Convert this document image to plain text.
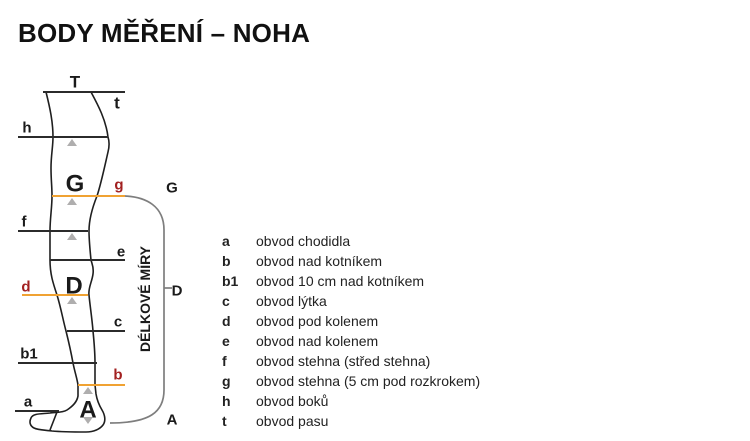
BODY MĚŘENÍ – NOHA
T
t
h
G g
f
e
d D
c
b1
b
a A
G
D
A
DÉLKOVÉ MÍRY
a	obvod chodidla
b	obvod nad kotníkem
b1	obvod 10 cm nad kotníkem
c	obvod lýtka
d	obvod pod kolenem
e	obvod nad kolenem
f	obvod stehna (střed stehna)
g	obvod stehna (5 cm pod rozkrokem)
h	obvod boků
t	obvod pasu
